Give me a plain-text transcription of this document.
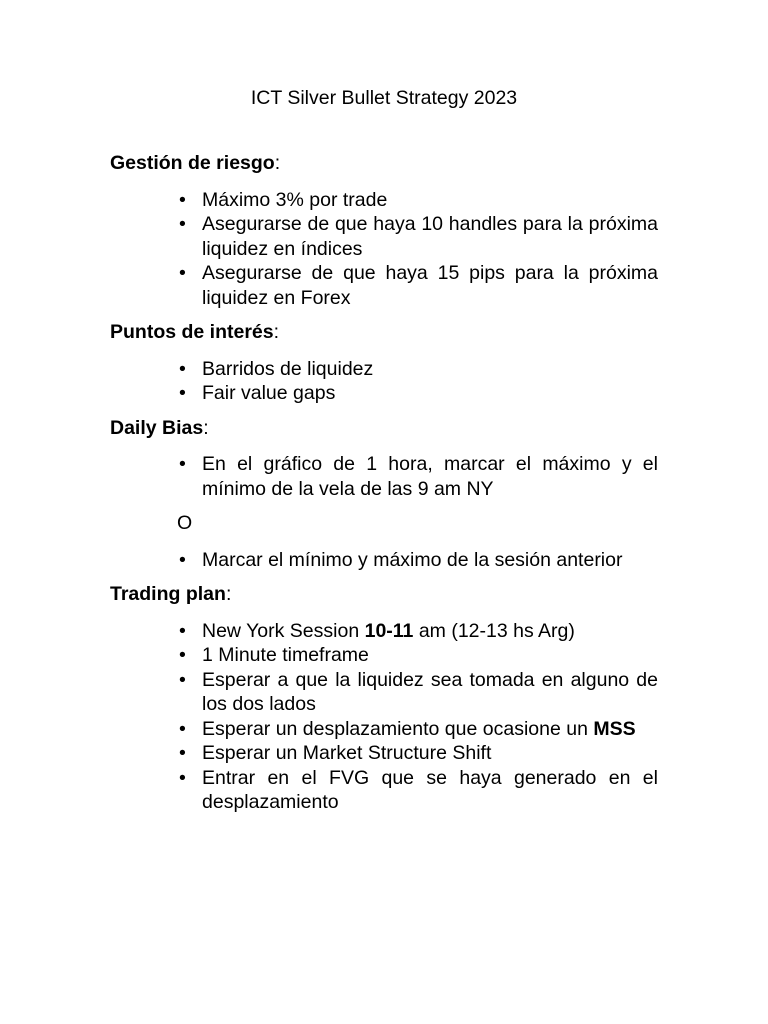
ICT Silver Bullet Strategy 2023
Gestión de riesgo:
• Máximo 3% por trade
• Asegurarse de que haya 10 handles para la próxima liquidez en índices
• Asegurarse de que haya 15 pips para la próxima liquidez en Forex
Puntos de interés:
• Barridos de liquidez
• Fair value gaps
Daily Bias:
• En el gráfico de 1 hora, marcar el máximo y el mínimo de la vela de las 9 am NY
O
• Marcar el mínimo y máximo de la sesión anterior
Trading plan:
• New York Session 10-11 am (12-13 hs Arg)
• 1 Minute timeframe
• Esperar a que la liquidez sea tomada en alguno de los dos lados
• Esperar un desplazamiento que ocasione un MSS
• Esperar un Market Structure Shift
• Entrar en el FVG que se haya generado en el desplazamiento
